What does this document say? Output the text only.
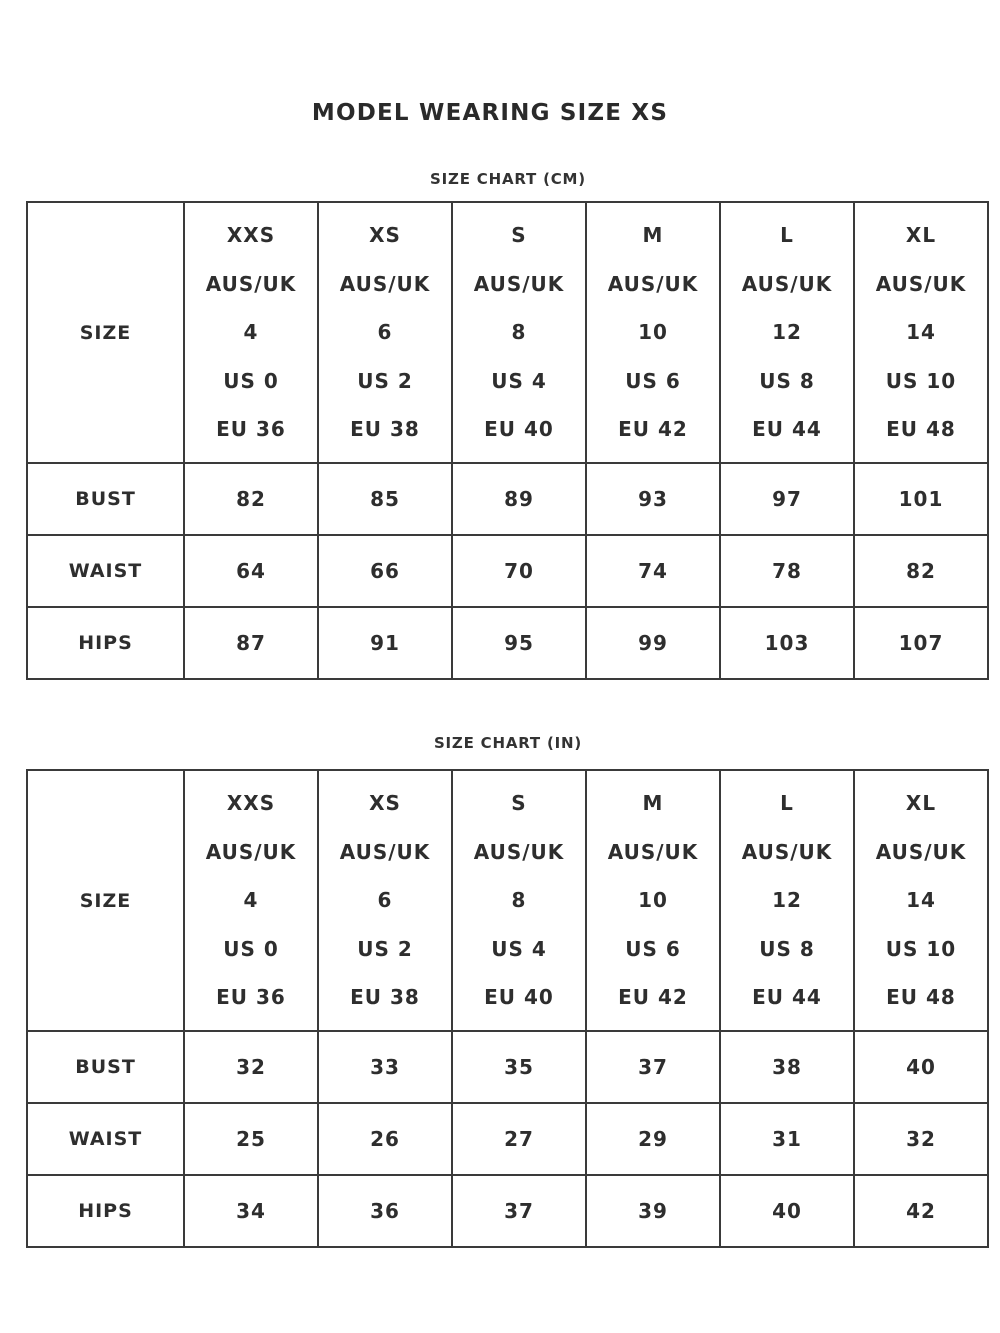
MODEL WEARING SIZE XS
SIZE CHART (CM)
SIZE	XXS
AUS/UK
4
US 0
EU 36	XS
AUS/UK
6
US 2
EU 38	S
AUS/UK
8
US 4
EU 40	M
AUS/UK
10
US 6
EU 42	L
AUS/UK
12
US 8
EU 44	XL
AUS/UK
14
US 10
EU 48

BUST	82	85	89	93	97	101
WAIST	64	66	70	74	78	82
HIPS	87	91	95	99	103	107
SIZE CHART (IN)
SIZE	XXS
AUS/UK
4
US 0
EU 36	XS
AUS/UK
6
US 2
EU 38	S
AUS/UK
8
US 4
EU 40	M
AUS/UK
10
US 6
EU 42	L
AUS/UK
12
US 8
EU 44	XL
AUS/UK
14
US 10
EU 48

BUST	32	33	35	37	38	40
WAIST	25	26	27	29	31	32
HIPS	34	36	37	39	40	42
